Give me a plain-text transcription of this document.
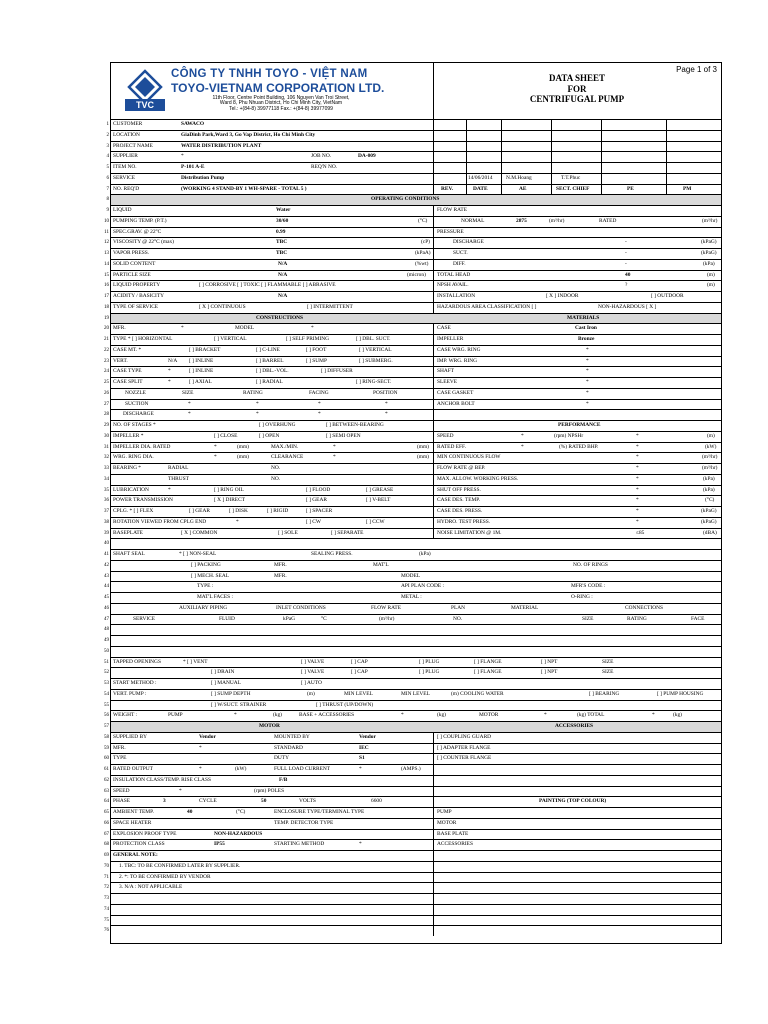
Page 1 of 3
TVC
CÔNG TY TNHH TOYO - VIỆT NAM
TOYO-VIETNAM CORPORATION LTD.
11th Floor, Centre Point Building, 106 Nguyen Van Troi Street,
Ward 8, Phu Nhuan District, Ho Chi Minh City, VietNam
Tel.: +(84-8) 39977118 Fax.: +(84-8) 39977099
DATA SHEET
FOR
CENTRIFUGAL PUMP
1 CUSTOMER	SAWACO
2 LOCATION	GiaDinh Park,Ward 3, Go Vap District, Ho Chi Minh City
3 PROJECT NAME	WATER DISTRIBUTION PLANT
4 SUPPLIER	*	JOB NO.	DA-009
5 ITEM NO.	P-101 A-E	REQ'N NO.
6 SERVICE	Distribution Pump	14/06/2014 N.M.Hoang	T.T.Phuc
7 NO. REQ'D	(WORKING 4 STAND-BY 1 WH-SPARE - TOTAL 5 )	REV.	DATE	AE	SECT. CHIEF	PE	PM
8	OPERATING CONDITIONS
9 LIQUID	Water	FLOW RATE
10 PUMPING TEMP. (P.T.)	30/60	(°C)	NORMAL	2875	(m³/hr)	RATED	(m³/hr)
11 SPEC.GRAV. @ 22°C	0.99	PRESSURE
12 VISCOSITY @ 22°C (max)	TBC	(cP)	DISCHARGE	-	(kPaG)
13 VAPOR PRESS.	TBC	(kPaA)	SUCT.	-	(kPaG)
14 SOLID CONTENT	N/A	(%wt)	DIFF.	-	(kPa)
15 PARTICLE SIZE	N/A	(micron) TOTAL HEAD	40	(m)
16 LIQUID PROPERTY	[ ] CORROSIVE [ ] TOXIC [ ] FLAMMABLE [ ] ABRASIVE	NPSH AVAIL.	?	(m)
17 ACIDITY / BASICITY	N/A	INSTALLATION	[ X ] INDOOR	[ ] OUTDOOR
18 TYPE OF SERVICE	[ X ] CONTINUOUS	[ ] INTERMITTENT	HAZARDOUS AREA CLASSIFICATION [ ]	NON-HAZARDOUS [ X ]
19	CONSTRUCTIONS	MATERIALS
20 MFR.	*	MODEL	*	CASE	Cast Iron
21 TYPE * [ ] HORIZONTAL	[ ] VERTICAL	[ ] SELF PRIMING	[ ] DBL. SUCT.	IMPELLER	Bronze
22 CASE MT. *	[ ] BRACKET	[ ] C-LINE	[ ] FOOT	[ ] VERTICAL	CASE WRG. RING	*
23 VERT.	N/A [ ] INLINE	[ ] BARREL	[ ] SUMP	[ ] SUBMERG.	IMP. WRG. RING	*
24 CASE TYPE	*	[ ] INLINE	[ ] DBL.-VOL.	[ ] DIFFUSER	SHAFT	*
25 CASE SPLIT	*	[ ] AXIAL	[ ] RADIAL	[ ] RING-SECT.	SLEEVE	*
26	NOZZLE	SIZE	RATING	FACING	POSITION	CASE GASKET	*
27	SUCTION	*	*	*	*	ANCHOR BOLT	*
28	DISCHARGE	*	*	*	*
29 NO. OF STAGES *	[ ] OVERHUNG	[ ] BETWEEN-BEARING	PERFORMANCE
30 IMPELLER *	[ ] CLOSE	[ ] OPEN	[ ] SEMI OPEN	SPEED	*	(rpm) NPSHr	*	(m)
31 IMPELLER DIA. RATED	*	(mm)	MAX./MIN.	*	(mm) RATED EFF.	*	(%) RATED BHP.	*	(kW)
32 WRG. RING DIA.	*	(mm)	CLEARANCE	*	(mm) MIN CONTINUOUS FLOW	*	(m³/hr)
33 BEARING *	RADIAL	NO.	FLOW RATE @ BEP.	*	(m³/hr)
34	THRUST	NO.	MAX. ALLOW. WORKING PRESS.	*	(kPa)
35 LUBRICATION	*	[ ] RING OIL	[ ] FLOOD	[ ] GREASE	SHUT OFF PRESS.	*	(kPa)
36 POWER TRANSMISSION	[ X ] DIRECT	[ ] GEAR	[ ] V-BELT	CASE DES. TEMP.	*	(°C)
37 CPLG. * [ ] FLEX	[ ] GEAR	[ ] DISK	[ ] RIGID	[ ] SPACER	CASE DES. PRESS.	*	(kPaG)
38 ROTATION VIEWED FROM CPLG END	*	[ ] CW	[ ] CCW	HYDRO. TEST PRESS.	*	(kPaG)
39 BASEPLATE	[ X ] COMMON	[ ] SOLE	[ ] SEPARATE	NOISE LIMITATION @ 1M.	≤85	(dBA)
40
41 SHAFT SEAL	* [ ] NON-SEAL	SEALING PRESS.	(kPa)
42	[ ] PACKING	MFR.	MAT'L	NO. OF RINGS
43	[ ] MECH. SEAL	MFR.	MODEL
44	TYPE :	API PLAN CODE :	MFR'S CODE :
45	MAT'L FACES :	METAL :	O-RING :
46	AUXILIARY PIPING	INLET CONDITIONS	FLOW RATE	PLAN	MATERIAL	CONNECTIONS
47	SERVICE	FLUID	kPaG	°C	(m³/hr)	NO.	SIZE	RATING	FACE
48
49
50
51 TAPPED OPENINGS	* [ ] VENT	[ ] VALVE	[ ] CAP	[ ] PLUG	[ ] FLANGE	[ ] NPT	SIZE
52	[ ] DRAIN	[ ] VALVE	[ ] CAP	[ ] PLUG	[ ] FLANGE	[ ] NPT	SIZE
53 START METHOD :	[ ] MANUAL	[ ] AUTO
54 VERT. PUMP :	[ ] SUMP DEPTH	(m)	MIN LEVEL	MIN LEVEL	(m) COOLING WATER	[ ] BEARING	[ ] PUMP HOUSING
55	[ ] W/SUCT. STRAINER	[ ] THRUST (UP/DOWN)
56 WEIGHT :	PUMP	*	(kg)	BASE + ACCESSORIES	*	(kg)	MOTOR	*	(kg) TOTAL	*	(kg)
57	MOTOR	ACCESSORIES
58 SUPPLIED BY	Vendor	MOUNTED BY	Vendor	[ ] COUPLING GUARD
59 MFR.	*	STANDARD	IEC	[ ] ADAPTER FLANGE
60 TYPE	DUTY	S1	[ ] COUNTER FLANGE
61 RATED OUTPUT	*	(kW)	FULL LOAD CURRENT	*	(AMPS.)
62 INSULATION CLASS/TEMP. RISE CLASS	F/B
63 SPEED	*	(rpm) POLES
64 PHASE	3	CYCLE	50	VOLTS	6600	PAINTING (TOP COLOUR)
65 AMBIENT TEMP.	40	(°C)	ENCLOSURE TYPE/TERMINAL TYPE	PUMP
66 SPACE HEATER	TEMP. DETECTOR TYPE	MOTOR
67 EXPLOSION PROOF TYPE	NON-HAZARDOUS	BASE PLATE
68 PROTECTION CLASS	IP55	STARTING METHOD	*	ACCESSORIES
69 GENERAL NOTE:
70 1. TBC: TO BE CONFIRMED LATER BY SUPPLIER.
71 2. *: TO BE CONFIRMED BY VENDOR
72 3. N/A : NOT APPLICABLE
73
74
75
76
